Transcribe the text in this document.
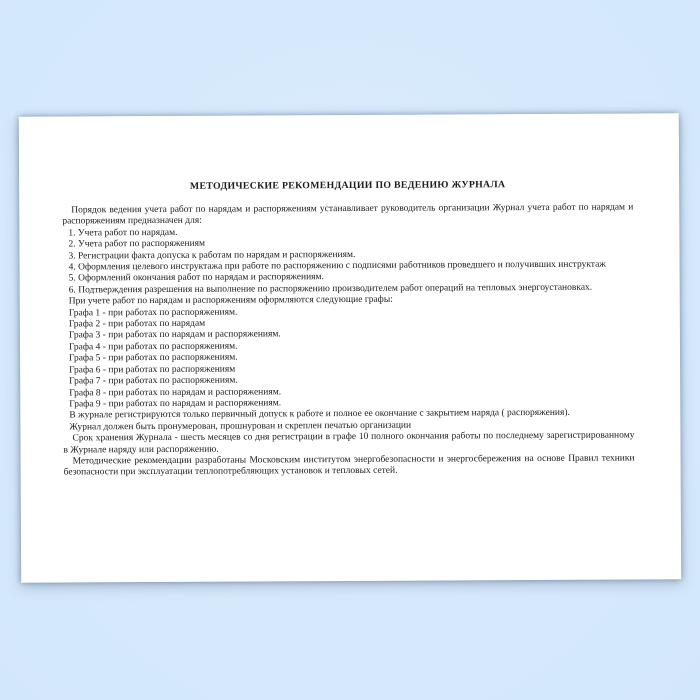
МЕТОДИЧЕСКИЕ РЕКОМЕНДАЦИИ ПО ВЕДЕНИЮ ЖУРНАЛА

Порядок ведения учета работ по нарядам и распоряжениям устанавливает руководитель организации Журнал учета работ по нарядам и распоряжениям предназначен для:

1. Учета работ по нарядам.
2. Учета работ по распоряжениям
3. Регистрации факта допуска к работам по нарядам и распоряжениям.
4. Оформления целевого инструктажа при работе по распоряжению с подписями работников проведшего и получивших инструктаж
5. Оформлений окончания работ по нарядам и распоряжениям.
6. Подтверждения разрешения на выполнение по распоряжению производителем работ операций на тепловых энергоустановках.
При учете работ по нарядам и распоряжениям оформляются следующие графы:
Графа 1 - при работах по распоряжениям.
Графа 2 - при работах по нарядам
Графа 3 - при работах по нарядам и распоряжениям.
Графа 4 - при работах по распоряжениям.
Графа 5 - при работах по распоряжениям.
Графа 6 - при работах по распоряжениям
Графа 7 - при работах по распоряжениям.
Графа 8 - при работах по нарядам и распоряжениям.
Графа 9 - при работах по нарядам и распоряжениям.
В журнале регистрируются только первичный допуск к работе и полное ее окончание с закрытием наряда ( распоряжения).
Журнал должен быть пронумерован, прошнурован и скреплен печатью организации

Срок хранения Журнала - шесть месяцев со дня регистрации в графе 10 полного окончания работы по последнему зарегистрированному в Журнале наряду или распоряжению.

Методические рекомендации разработаны Московским институтом энергобезопасности и энергосбережения на основе Правил техники безопасности при эксплуатации теплопотребляющих установок и тепловых сетей.
